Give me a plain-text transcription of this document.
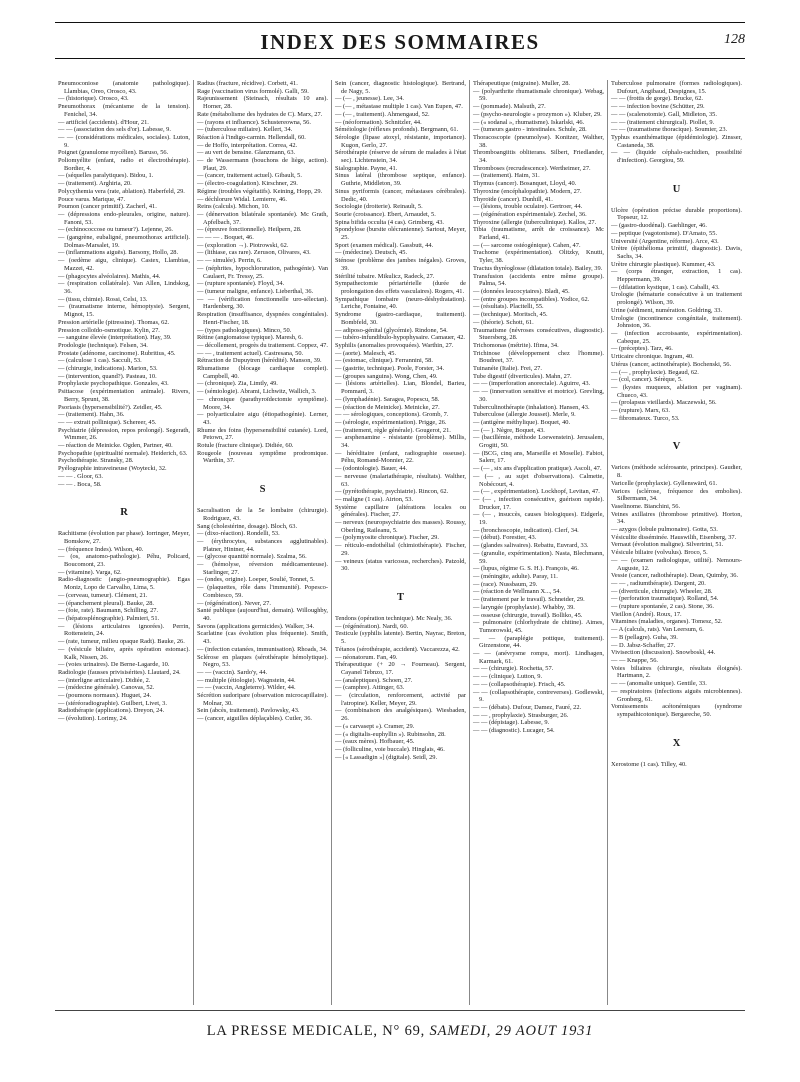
INDEX DES SOMMAIRES	128
Pneumoconiose (anatomie pathologique). Llambias, Oreo, Orosco, 43.
— (historique). Orosco, 43.
Pneumothorax (mécanisme de la tension). Fenichel, 34.
— artificiel (accidents). d'Hour, 21.
— — (association des sels d'or). Labesse, 9.
— — (considérations médicales, sociales). Luton, 9.
Poignet (granulome mycélien). Baruso, 56.
Poliomyélite (enfant, radio et électrothérapie). Bordier, 4.
— (séquelles paralytiques). Bidou, 1.
— (traitement). Arghiria, 20.
Polycythemia vera (rate, ablation). Haberfeld, 29.
Pouce varus. Marique, 47.
Poumon (cancer primitif). Zacherl, 41.
— (dépressions endo-pleurales, origine, nature). Fanoni, 53.
— (echinococcose ou tumeur?). Lejenne, 26.
— (gangrène, eubaligné, pneumothorax artificiel). Dolmas-Marsalet, 19.
— (inflammations aiguës). Barsony, Hollo, 28.
— (oedème aigu, clinique). Castex, Llambias, Mazzei, 42.
— (phagocytes alvéolaires). Mathis, 44.
— (respiration collatérale). Van Allen, Lindskog, 36.
— (tissu, chimie). Rossi, Celsi, 13.
— (traumatisme interne, hémoptysie). Sergent, Mignot, 15.
Pression artérielle (pitressine). Thomas, 62.
Pression colloïdo-osmotique. Kylin, 27.
— sanguine élevée (interprétation). Hay, 39.
Prodologie (technique). Felsen, 34.
Prostate (adénome, carcinome). Rubritius, 45.
— (calculose 1 cas). Sacculi, 53.
— (chirurgie, indications). Marion, 53.
— (intervention, quand?). Pasteau, 10.
Prophylaxie psychopathique. Gonzales, 43.
Psittacose (expérimentation animale). Rivers, Berry, Sprunt, 38.
Psoriasis (hypersensibilité?). Zeidler, 45.
— (traitement). Hahn, 36.
— — extrait pollinique). Schereer, 45.
Psychiatrie (dépression, repos prolongé). Segerath, Wimmer, 26.
— réaction de Meinicke. Ogden, Partner, 40.
Psychopathie (spiritualité normale). Heiderich, 63.
Psychothérapie. Stransky, 28.
Pyélographie intraveineuse (Woytecki, 32.
— — . Gloor, 63.
— — . Boca, 58.
R
Rachitisme (évolution par phase). Iorringer, Meyer, Bomskow, 27.
— (fréquence Indes). Wilson, 40.
— (os, anatomo-pathologie). Péhu, Policard, Boucomont, 23.
— (vitamine). Varga, 62.
Radio-diagnostic (angio-pneumographie). Egas Moniz, Lopo de Carvalho, Lima, 5.
— (cerveau, tumeur). Clément, 21.
— (épanchement pleural). Bauke, 28.
— (foie, rate). Baumann, Schilling, 27.
— (hépatosplénographie). Palmieri, 51.
— (lésions articulaires ignorées). Perrin, Rottenstein, 24.
— (rate, tumeur, milieu opaque Radt). Bauke, 26.
— (vésicule biliaire, après opération estomac). Kalk, Nissen, 26.
— (voies urinaires). De Berne-Lagarde, 10.
Radiologie (fausses privisisérites). Llautard, 24.
— (interligne articulaire). Didiée, 2.
— (médecine générale). Canovas, 52.
— (poumons normaux). Huguet, 24.
— (stéréoradiographie). Guilbert, Livet, 3.
Radiothérapie (applications). Dreyon, 24.
— (évolution). Lorimy, 24.
Radius (fracture, récidive). Corbett, 41.
Rage (vaccination virus formolé). Galli, 59.
Rajeunissement (Steinach, résultats 10 ans). Horner, 28.
Rate (métabolisme des hydrates de C). Marx, 27.
— (rayons et influence). Schustereowna, 56.
— (tuberculose miliaire). Kellert, 34.
Réaction à l'indigo-carmin. Hellendall, 60.
— de Hoffo, interprétation. Correa, 42.
— au vert de bensine. Glanzmann, 63.
— de Wassermann (bouchons de liège, action). Plaut, 29.
— (cancer, traitement actuel). Gibault, 5.
— (électro-coagulation). Kirschner, 29.
Régime (troubles végétatifs). Keining, Hopp, 29.
— déchlorure Widal. Lemierre, 46.
Reins (calculs). Michon, 10.
— (dénervation bilatérale spontanée). Mc Grath, Apfelbach, 37.
— (épreuve fonctionnelle). Heilpern, 28.
— — — . Boquet, 46.
— (exploration →). Piotrowski, 62.
— (lithiase, cas rare). Zeruson, Olivares, 43.
— — simulée). Perrin, 6.
— (néphrites, hypochloruration, pathogénie). Van Caulaert, Fr. Tressy, 25.
— (rupture spontanée). Floyd, 34.
— (tumeur maligne, enfance). Lieberthal, 36.
— — (vérification fonctionnelle uro-sélectan). Hardenberg, 30.
Respiration (insuffisance, dyspnées congénitales). Henri-Fischer, 18.
— (types pathologiques). Minco, 50.
Rétine (angiomatose typique). Maresh, 6.
— décollement, progrès du traitement. Coppez, 47.
— — , traitement actuel). Castresana, 50.
Rétraction de Dupuytren (hérédité). Manson, 39.
Rhumatisme (blocage cardiaque complet). Campbell, 40.
— (chronique). Zia, Limtly, 49.
— (sémiologie). Abrami, Lichwitz, Wallich, 3.
— chronique (parathyroïdectomie symptôme). Moore, 34.
— polyarticulaire aigu (étiopathogénie). Lerner, 43.
Rhume des foins (hypersensibilité cutanée). Lord, Petown, 27.
Rotule (fracture clinique). Didiée, 60.
Rougeole (nouveau symptôme prodromique. Warthin, 37.
S
Sacralisation de la 5e lombaire (chirurgie). Rodriguez, 43.
Sang (cholestérine, dosage). Bloch, 63.
— (dixo-réaction). Rondelli, 53.
— (érythrocytes, substances agglutinables). Platner, Hintner, 44.
— (glycose quantité normale). Szalma, 56.
— (hémolyse, réversion médicamenteuse). Starlinger, 27.
— (ondes, origine). Loeper, Soulié, Tonnet, 5.
— (plaquettes, rôle dans l'immunité). Popesco-Combiesco, 59.
— (régénération). Never, 27.
Santé publique (aujourd'hui, demain). Willoughby, 40.
Savons (applications germicides). Walker, 34.
Scarlatine (cas évolution plus fréquente). Smith, 43.
— (infection cutanées, immunisation). Rhoads, 34.
Sclérose en plaques (sérothérapie hémolytique). Negro, 53.
— — (vaccin). Sardo'y, 44.
— multiple (étiologie). Wagnstein, 44.
— — (vaccin, Angleterre). Wilder, 44.
Sécrétion sudoripare (observation microcapillaire). Molnar, 30.
Sein (abcès, traitement). Pavlowsky, 43.
— (cancer, aiguilles déplaçables). Cutler, 36.
Sein (cancer, diagnostic histologique). Bertrand, de Nagy, 5.
— (— , jeunesse). Lee, 34.
— (— , métastase multiple 1 cas). Van Eupen, 47.
— (— , traitement). Ahmengaud, 52.
— (néoformation). Schnitzler, 44.
Séméiologie (réflexes profonds). Bergmann, 61.
Sérologie (lipase atoxyl, résistante, importance). Kugon, Gerlo, 27.
Sérothérapie (réserve de sérum de malades à l'état sec). Lichtenstein, 34.
Sialographie. Payne, 41.
Sinus latéral (thrombose septique, enfance). Guthrie, Middleton, 39.
Sinus pyriformis (cancer, métastases cérébrales). Dedic, 40.
Sociologie (droiterie). Reinault, 5.
Sourie (croissance). Ebert, Arnaudet, 5.
Spina bifida occulta (4 cas). Grimberg, 43.
Spondylose (bursite olécranienne). Sartout, Meyer, 25.
Sport (examen médical). Gassbutt, 44.
— (médecine). Deutsch, 45.
Sténose (problème des jambes inégales). Groves, 39.
Stérilité tubaire. Mikulicz, Radeck, 27.
Sympathectomie périartérielle (durée de prolongation des effets vasculaires). Rogers, 41.
Sympathique lombaire (neuro-déshydratation). Leriche, Fontaine, 40.
Syndrome (gastro-cardiaque, traitement). Bombfeld, 30.
— adiposo-génital (glycémie). Rindone, 54.
— tubéro-infundibulo-hypophysaire. Camauer, 42.
Syphilis (anomalies provoquées). Warthin, 27.
— (aorte). Malesch, 45.
— (estomac, clinique). Ferrannini, 58.
— (gastrite, technique). Poole, Forster, 34.
— (groupes sanguins). Wong, Chen, 49.
— (lésions artérielles). Lian, Blondel, Barieu, Pommard, 3.
— (lymphadénie). Saragea, Popescu, 58.
— (réaction de Meinicke). Meinicke, 27.
— — sérologiques, conceptions). Gromb, 7.
— (sérologie, expérimentation). Prigge, 26.
— (traitement, règle générale). Gougerot, 21.
— arsphenamine - résistante (problème). Millis, 34.
— héréditaire (enfant, radiographie osseuse). Péhu, Romand-Monnier, 22.
— (odontologie). Bauer, 44.
— nerveuse (malariathérapie, résultats). Walther, 63.
— (pyrétothérapie, psychiatrie). Rincon, 62.
— maligne (1 cas). Airton, 53.
Système capillaire (altérations locales ou générales). Fischer, 27.
— nerveux (neuropsychiatrie des masses). Roussy, Oberling, Raileanu, 5.
— (polymyosite chronique). Fischer, 29.
— réticulo-endothélial (chimiothérapie). Fischer, 29.
— veineux (status varicosus, recherches). Patzold, 30.
T
Tendons (opération technique). Mc Nealy, 36.
— (régénération). Nardi, 60.
Testicule (syphilis latente). Bertin, Nayrac, Breton, 5.
Tétanos (sérothérapie, accident). Vaccarezza, 42.
— néonatorum. Fan, 49.
Thérapeutique (+ 20 → Fourneau). Sergent, Cayanel Tebnzo, 17.
— (analeptiques). Schoen, 27.
— (camphre). Attinger, 63.
— (circulation, renforcement, activité par l'atropine). Keller, Meyer, 29.
— (combinaison des analgésiques). Wiesbaden, 26.
— (« carvasept »). Cramer, 29.
— (« digitalis-euphyllin »). Rubinsohn, 28.
— (eaux mères). Hofbauer, 45.
— (folliculine, voie buccale). Hinglais, 46.
— [« Lassadigin »] (digitale). Seidl, 29.
Thérapeutique (migraine). Muller, 28.
— (polyarthrite rhumatismale chronique). Webag, 59.
— (pommade). Malsuth, 27.
— (psycho-neurologie « prozymon »). Kluber, 29.
— (« sodanal », rhumatisme). Iskarlski, 46.
— (tumeurs gastro - intestinales. Schule, 28.
Thoracoscopie (pneumolyse). Konitzer, Walther, 38.
Thromboangiitis obliterans. Silbert, Friedlander, 34.
Thromboses (recrudescence). Wertheimer, 27.
— (traitement). Haim, 31.
Thymus (cancer). Bosanquet, Lloyd, 40.
Thyroxine (encéphalopathie). Modern, 27.
Thyroïde (cancer). Dunhill, 41.
— (lésions, trouble oculaire). Gertroer, 44.
— (régénération expérimentale). Zechel, 36.
Thyroxine (allergie (tuberculinique). Kallos, 27.
Tibia (traumatisme, arrêt de croissance). Mc Farland, 41.
— (— sarcome ostéogénique). Cahen, 47.
Trachome (expérimentation). Olitzky, Knutti, Tyler, 38.
Tractus thyréoglosse (dilatation totale). Bailey, 39.
Transfusion (accidents entre même groupe). Palma, 54.
— (données leucocytaires). Bladi, 45.
— (entre groupes incompatibles). Yodice, 62.
— (résultats). Placitelli, 55.
— (technique). Moritsch, 45.
— (théorie). Schott, 61.
Traumatisme (névroses consécutives, diagnostic). Stuersberg, 28.
Trichomonas (métrite). Ifima, 34.
Trichinose (développement chez l'homme). Boudreet, 37.
Tuinanéie (Italie). Frei, 27.
Tube digestif (diverticules). Mahn, 27.
— — (imperforation anorectale). Aguirre, 43.
— — (innervation sensitive et motrice). Grevling, 30.
Tuberculinothérapie (inhalation). Hansen, 43.
Tuberculose (allergie Jousset). Merle, 9.
— (antigène méthylique). Boquet, 40.
— (— ). Nègre, Boquet, 43.
— (bacillémie, méthode Loewenstein). Jerusalem, Grogiti, 50.
— (BCG, cinq ans, Marseille et Moselle). Fabiot, Salerr, 17.
— (— , six ans d'application pratique). Ascoli, 47.
— (— , au sujet d'observations). Calmette, Nobécourt, 4.
— (— , expérimentation). Lockhopf, Levitan, 47.
— (— , infection consécutive, guérison rapide). Drucker, 17.
— (— , insuccès, causes biologiques). Eidgerle, 19.
— (bronchoscopie, indication). Clerf, 34.
— (début). Forestier, 43.
— (glandes salivaires). Rebattu, Euvrard, 33.
— (granulie, expérimentation). Nasta, Blechmann, 59.
— (lupus, régime G. S. H.). François, 46.
— (méningite, adulte). Paray, 11.
— (race). Nussbaum, 29.
— (réaction de Wellmann X..., 54.
— (traitement par le travail). Schneider, 29.
— laryngée (prophylaxie). Whabby, 39.
— osseuse (chirurgie, travail). Bolliko, 45.
— pulmonaire (chlorhydrate de chitine). Aimes, Tumorowski, 45.
— — (paraplégie pottique, traitement). Girzenstone, 44.
— — (anévrysme rompu, mort). Lindhagen, Karmark, 61.
— — (chirurgie). Rochetta, 57.
— — (clinique). Lutton, 9.
— — (collapsothérapie). Frisch, 45.
— — (collapsothérapie, contreverses). Godlewski, 9.
— — (débats). Dufour, Damez, Fauré, 22.
— — , prophylaxie). Strasburger, 26.
— — (dépistage). Labesse, 9.
— — (diagnostic). Lucager, 54.
Tuberculose pulmonaire (formes radiologiques). Dufourt, Angibaud, Despignes, 15.
— — (frottis de gorge). Brucke, 62.
— — infection bovine (Schütter, 29.
— — (scalenotomie). Gall, Midleton, 35.
— — (traitement chirurgical). Piollet, 9.
— — (traumatisme thoracique). Soumier, 23.
Typhus exanthématique (épidémiologie). Zinsser, Castaneda, 38.
— — (liquide céphalo-rachidien, possibilité d'infection). Georgiou, 59.
U
Ulcère (opération précise durable proportions). Topseur, 12.
— (gastro-duodénal). Gaehlinger, 46.
— peptique (vagotonisme). D'Amato, 55.
Université (Argentine, réforme). Arce, 43.
Urètre (épithélioma primitif, diagnostic). Davis, Sachs, 34.
Urètre chirurgie plastique). Kummer, 43.
— (corps étranger, extraction, 1 cas). Heppermann, 39.
— (dilatation kystique, 1 cas). Caballi, 43.
Urologie (hématurie consécutive à un traitement prolongé). Wilson, 39.
Urine (sédiment, numération. Goldring, 33.
Urologie (incontinence congénitale, traitement). Johnston, 36.
— (infection accroissante, expérimentation). Cabeque, 25.
— (préceptes). Tarz, 46.
Urticaire chronique. Ingram, 40.
Utérus (cancer, actinothérapie). Bochenski, 56.
— (— , prophylaxie). Begaud, 62.
— (col, cancer). Sérèque, 5.
— (kystes muqueux, ablation per vaginam). Chueco, 43.
— (prolapsus vieillards). Maczewski, 56.
— (rupture). Marx, 63.
— fibromateux. Turco, 53.
V
Varices (méthode sclérosante, principes). Gaudier, 8.
Varicelle (prophylaxie). Gyllenswärd, 61.
Varices (sclérose, fréquence des embolies). Silbermann, 34.
Vaselinome. Bianchini, 56.
Veines axillaires (thrombose primitive). Horton, 34.
— azygos (lobule pulmonaire). Gotta, 53.
Vésiculite disséminée. Hauswilih, Eisenberg, 37.
Vernaut (évolution maligne). Silvertrini, 51.
Vésicule biliaire (volvulus). Broco, 5.
— — (examen radiologique, utilité). Nemours-Auguste, 12.
Vessie (cancer, radiothérapie). Dean, Quimby, 36.
— — , radiumthérapie). Dargent, 20.
— (diverticule, chirurgie). Wheeler, 28.
— (perforation traumatique). Rolland, 54.
— (rupture spontanée, 2 cas). Stone, 36.
Vieillon (André). Roux, 17.
Vitamines (maladies, organes). Tomesz, 52.
— A (calculs, rats). Van Leersum, 6.
— B (pellagre). Guha, 39.
— D. Jabsz-Schaffer, 27.
Vivisection (discussion). Snowboskl, 44.
— — Knappe, 56.
Voies biliaires (chirurgie, résultats éloignés). Hartmann, 2.
— — (anomalie unique). Gentile, 33.
— respiratoires (infections aiguës microbiennes). Gronberg, 61.
Vomissements acétonémiques (syndrome sympathicotonique). Bergareche, 50.
X
Xerostome (1 cas). Tilley, 40.
LA PRESSE MEDICALE, N° 69, SAMEDI, 29 AOUT 1931
